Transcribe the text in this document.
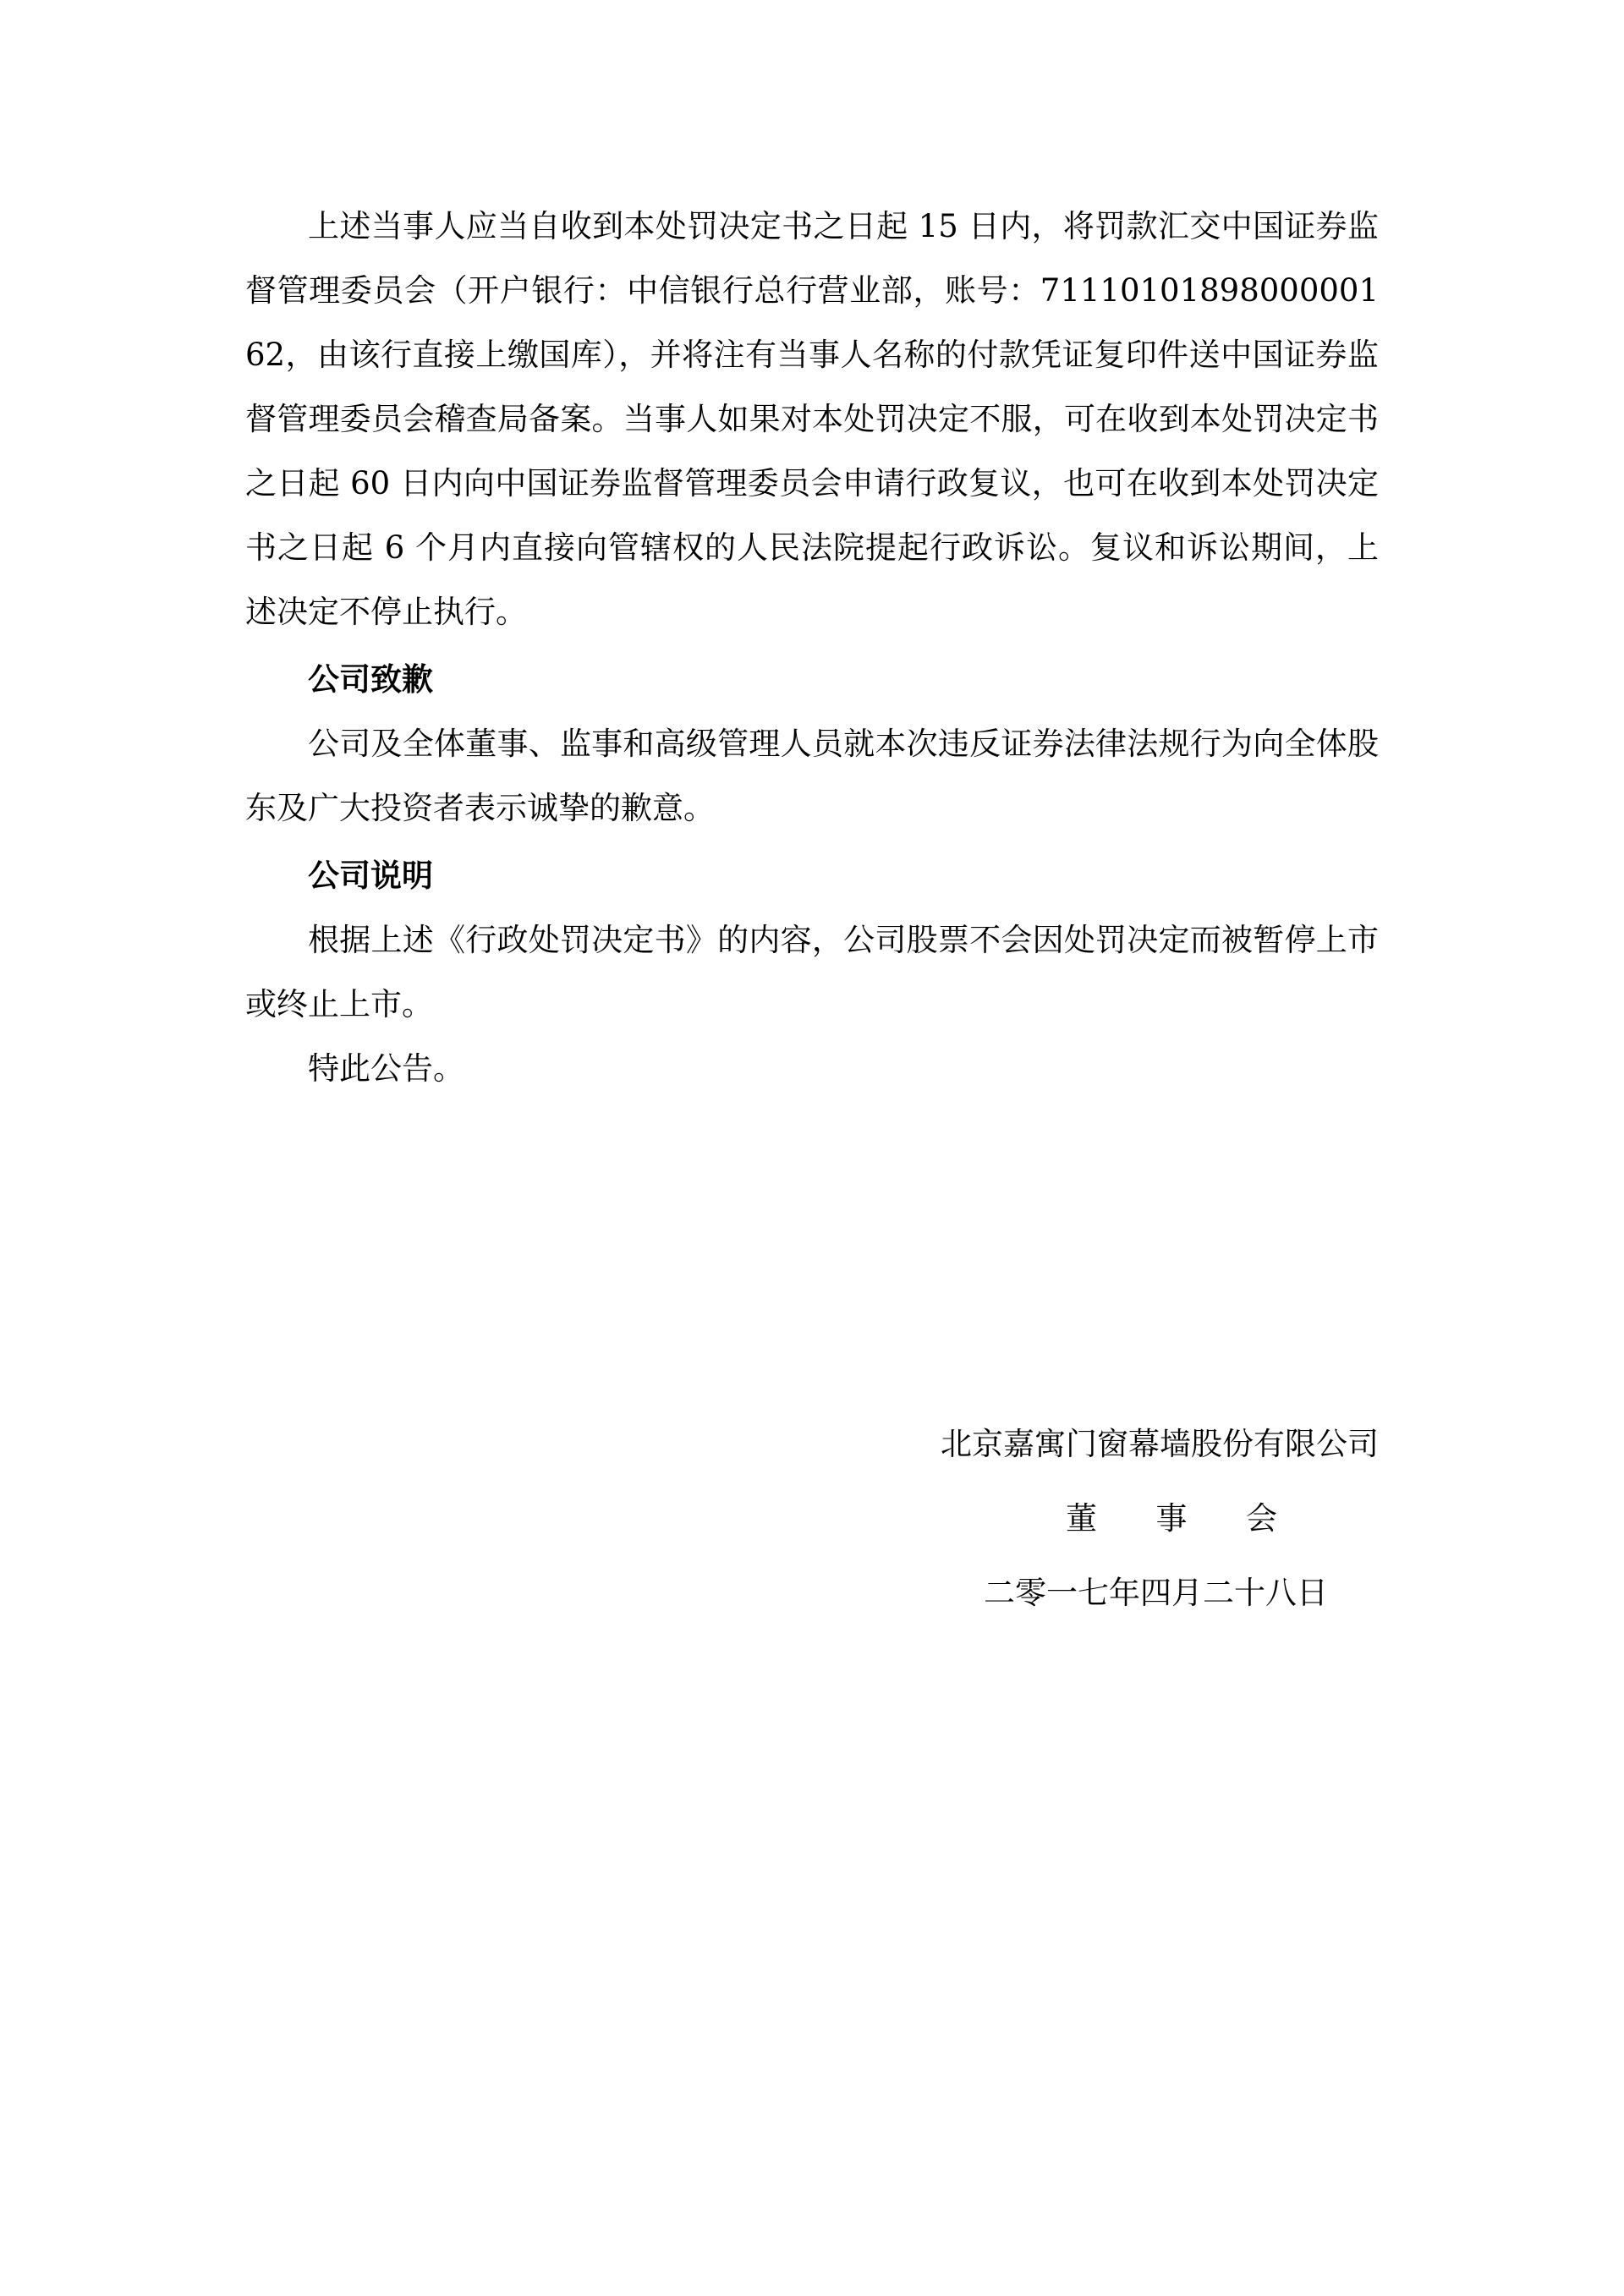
上述当事人应当自收到本处罚决定书之日起 15 日内，将罚款汇交中国证券监督管理委员会（开户银行：中信银行总行营业部，账号：7111010189800000162，由该行直接上缴国库），并将注有当事人名称的付款凭证复印件送中国证券监督管理委员会稽查局备案。当事人如果对本处罚决定不服，可在收到本处罚决定书之日起 60 日内向中国证券监督管理委员会申请行政复议，也可在收到本处罚决定书之日起 6 个月内直接向管辖权的人民法院提起行政诉讼。复议和诉讼期间，上述决定不停止执行。

公司致歉

公司及全体董事、监事和高级管理人员就本次违反证券法律法规行为向全体股东及广大投资者表示诚挚的歉意。

公司说明

根据上述《行政处罚决定书》的内容，公司股票不会因处罚决定而被暂停上市或终止上市。

特此公告。

北京嘉寓门窗幕墙股份有限公司
董 事 会
二零一七年四月二十八日
